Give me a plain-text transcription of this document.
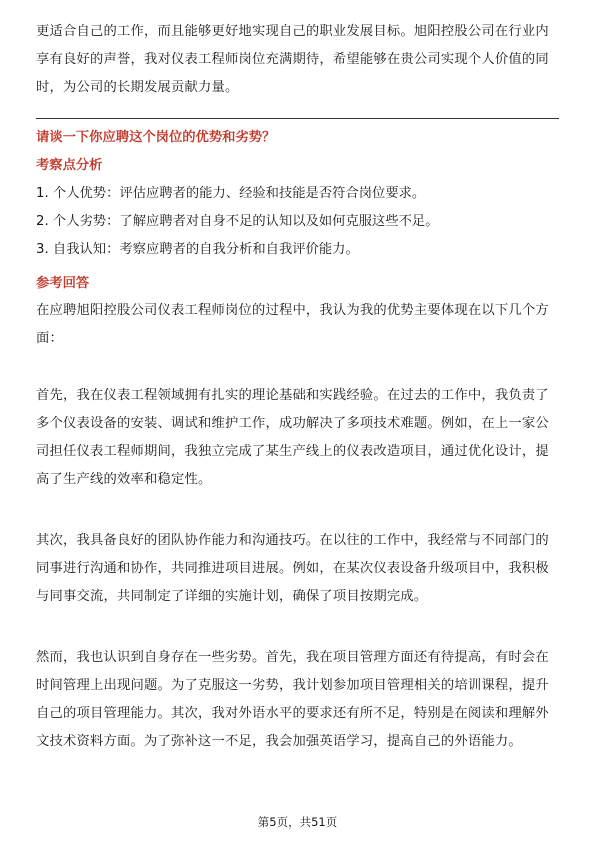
更适合自己的工作，而且能够更好地实现自己的职业发展目标。旭阳控股公司在行业内享有良好的声誉，我对仪表工程师岗位充满期待，希望能够在贵公司实现个人价值的同时，为公司的长期发展贡献力量。

请谈一下你应聘这个岗位的优势和劣势？
考察点分析
1. 个人优势：评估应聘者的能力、经验和技能是否符合岗位要求。
2. 个人劣势：了解应聘者对自身不足的认知以及如何克服这些不足。
3. 自我认知：考察应聘者的自我分析和自我评价能力。
参考回答

在应聘旭阳控股公司仪表工程师岗位的过程中，我认为我的优势主要体现在以下几个方面：

首先，我在仪表工程领域拥有扎实的理论基础和实践经验。在过去的工作中，我负责了多个仪表设备的安装、调试和维护工作，成功解决了多项技术难题。例如，在上一家公司担任仪表工程师期间，我独立完成了某生产线上的仪表改造项目，通过优化设计，提高了生产线的效率和稳定性。

其次，我具备良好的团队协作能力和沟通技巧。在以往的工作中，我经常与不同部门的同事进行沟通和协作，共同推进项目进展。例如，在某次仪表设备升级项目中，我积极与同事交流，共同制定了详细的实施计划，确保了项目按期完成。

然而，我也认识到自身存在一些劣势。首先，我在项目管理方面还有待提高，有时会在时间管理上出现问题。为了克服这一劣势，我计划参加项目管理相关的培训课程，提升自己的项目管理能力。其次，我对外语水平的要求还有所不足，特别是在阅读和理解外文技术资料方面。为了弥补这一不足，我会加强英语学习，提高自己的外语能力。

第5页，共51页
